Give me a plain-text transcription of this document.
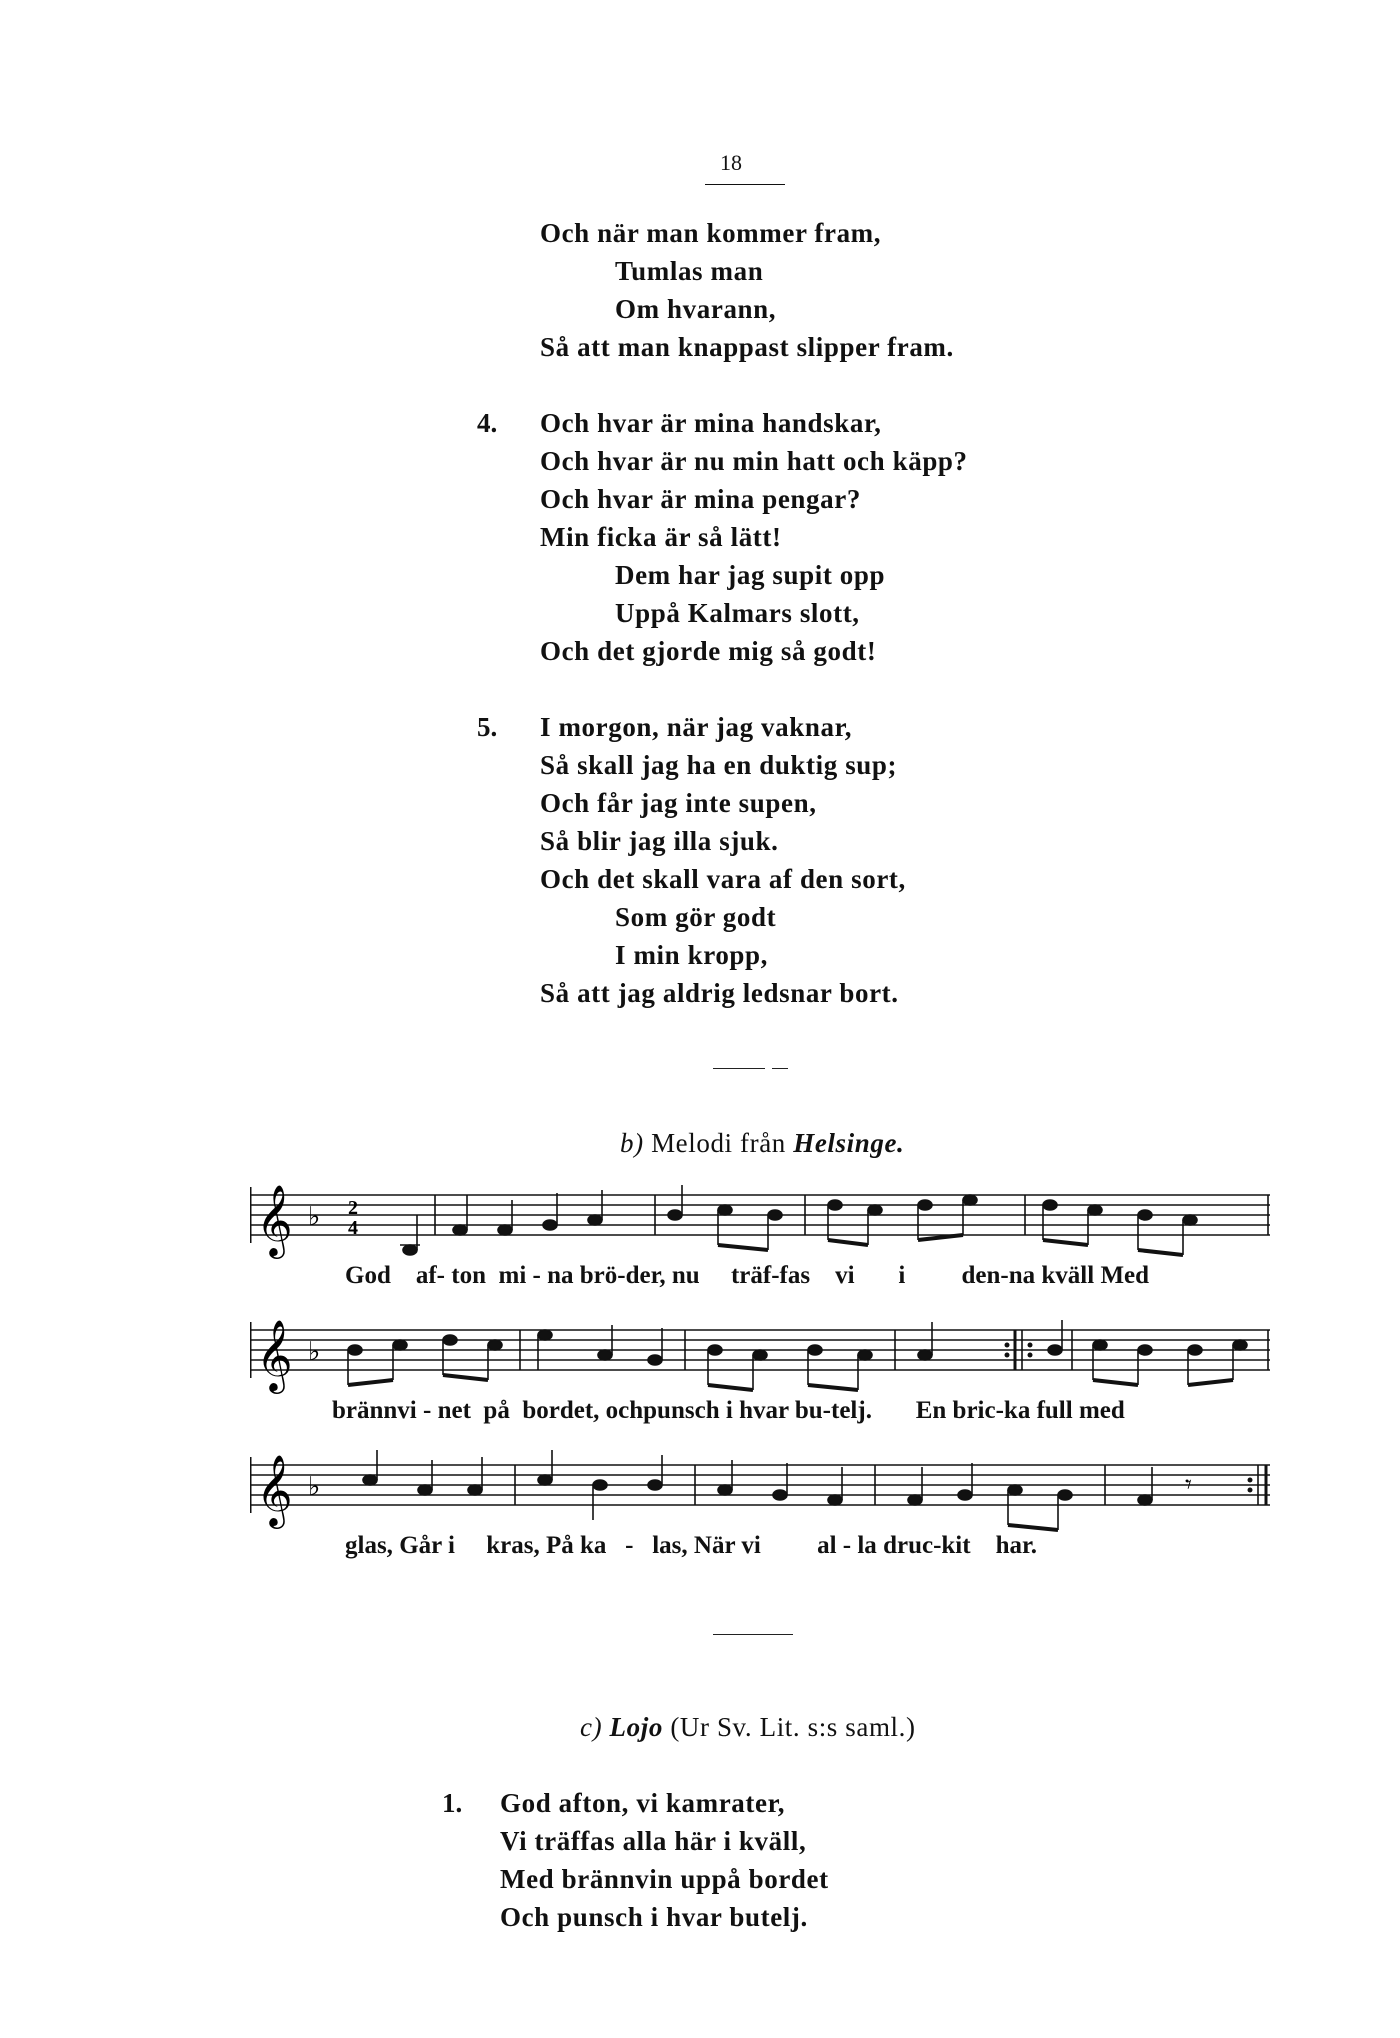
18
Och när man kommer fram,
Tumlas man
Om hvarann,
Så att man knappast slipper fram.
4. Och hvar är mina handskar,
Och hvar är nu min hatt och käpp?
Och hvar är mina pengar?
Min ficka är så lätt!
Dem har jag supit opp
Uppå Kalmars slott,
Och det gjorde mig så godt!
5. I morgon, när jag vaknar,
Så skall jag ha en duktig sup;
Och får jag inte supen,
Så blir jag illa sjuk.
Och det skall vara af den sort,
Som gör godt
I min kropp,
Så att jag aldrig ledsnar bort.
b) Melodi från Helsinge.
𝄞 ♭ 2
4
God af- ton mi - na brö-der, nu träf-fas vi i den-na kväll Med
𝄞 ♭
brännvi - net på bordet, ochpunsch i hvar bu-telj. En bric-ka full med
𝄞 ♭	𝄾
glas, Går i kras, På ka - las, När vi al - la druc-kit har.
c) Lojo (Ur Sv. Lit. s:s saml.)
1. God afton, vi kamrater,
Vi träffas alla här i kväll,
Med brännvin uppå bordet
Och punsch i hvar butelj.
